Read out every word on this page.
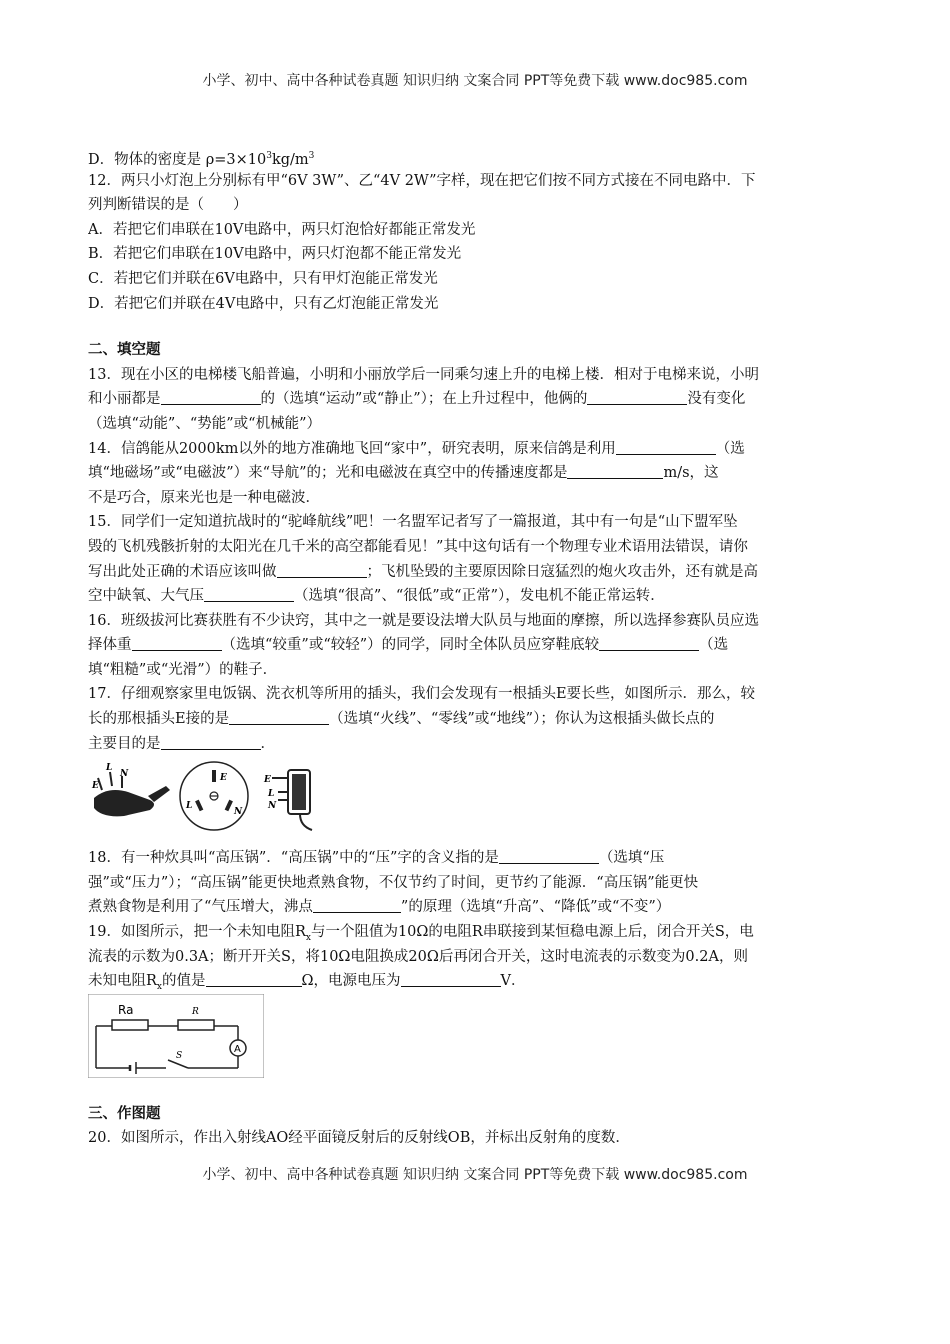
小学、初中、高中各种试卷真题 知识归纳 文案合同 PPT等免费下载 www.doc985.com
D．物体的密度是 $\rho=3\times 10^3kg/m^3$
12．两只小灯泡上分别标有甲“6V 3W”、乙“4V 2W”字样，现在把它们按不同方式接在不同电路中．下
列判断错误的是（　　）
A．若把它们串联在10V电路中，两只灯泡恰好都能正常发光
B．若把它们串联在10V电路中，两只灯泡都不能正常发光
C．若把它们并联在6V电路中，只有甲灯泡能正常发光
D．若把它们并联在4V电路中，只有乙灯泡能正常发光
二、填空题
13．现在小区的电梯楼飞船普遍，小明和小丽放学后一同乘匀速上升的电梯上楼．相对于电梯来说，小明
和小丽都是	的（选填“运动”或“静止”）；在上升过程中，他俩的	没有变化
（选填“动能”、“势能”或“机械能”）
14．信鸽能从2000km以外的地方准确地飞回“家中”，研究表明，原来信鸽是利用	（选
填“地磁场”或“电磁波”）来“导航”的；光和电磁波在真空中的传播速度都是	m/s，这
不是巧合，原来光也是一种电磁波．
15．同学们一定知道抗战时的“驼峰航线”吧！一名盟军记者写了一篇报道，其中有一句是“山下盟军坠
毁的飞机残骸折射的太阳光在几千米的高空都能看见！”其中这句话有一个物理专业术语用法错误，请你
写出此处正确的术语应该叫做	；飞机坠毁的主要原因除日寇猛烈的炮火攻击外，还有就是高
空中缺氧、大气压	（选填“很高”、“很低”或“正常”），发电机不能正常运转．
16．班级拔河比赛获胜有不少诀窍，其中之一就是要设法增大队员与地面的摩擦，所以选择参赛队员应选
择体重	（选填“较重”或“较轻”）的同学，同时全体队员应穿鞋底较	（选
填“粗糙”或“光滑”）的鞋子．
17．仔细观察家里电饭锅、洗衣机等所用的插头，我们会发现有一根插头E要长些，如图所示．那么，较
长的那根插头E接的是	（选填“火线”、“零线”或“地线”）；你认为这根插头做长点的
主要目的是	．
E
L
N	E
L
N
E
L
N
18．有一种炊具叫“高压锅”．“高压锅”中的“压”字的含义指的是	（选填“压
强”或“压力”）；“高压锅”能更快地煮熟食物，不仅节约了时间，更节约了能源．“高压锅”能更快
煮熟食物是利用了“气压增大，沸点	”的原理（选填“升高”、“降低”或“不变”）
19．如图所示，把一个未知电阻$R_x$与一个阻值为10Ω的电阻R串联接到某恒稳电源上后，闭合开关S，电
流表的示数为0.3A；断开开关S，将10Ω电阻换成20Ω后再闭合开关，这时电流表的示数变为0.2A，则
未知电阻$R_x$的值是	Ω，电源电压为	V．
A
Ra	R
S
三、作图题
20．如图所示，作出入射线AO经平面镜反射后的反射线OB，并标出反射角的度数．
小学、初中、高中各种试卷真题 知识归纳 文案合同 PPT等免费下载 www.doc985.com
